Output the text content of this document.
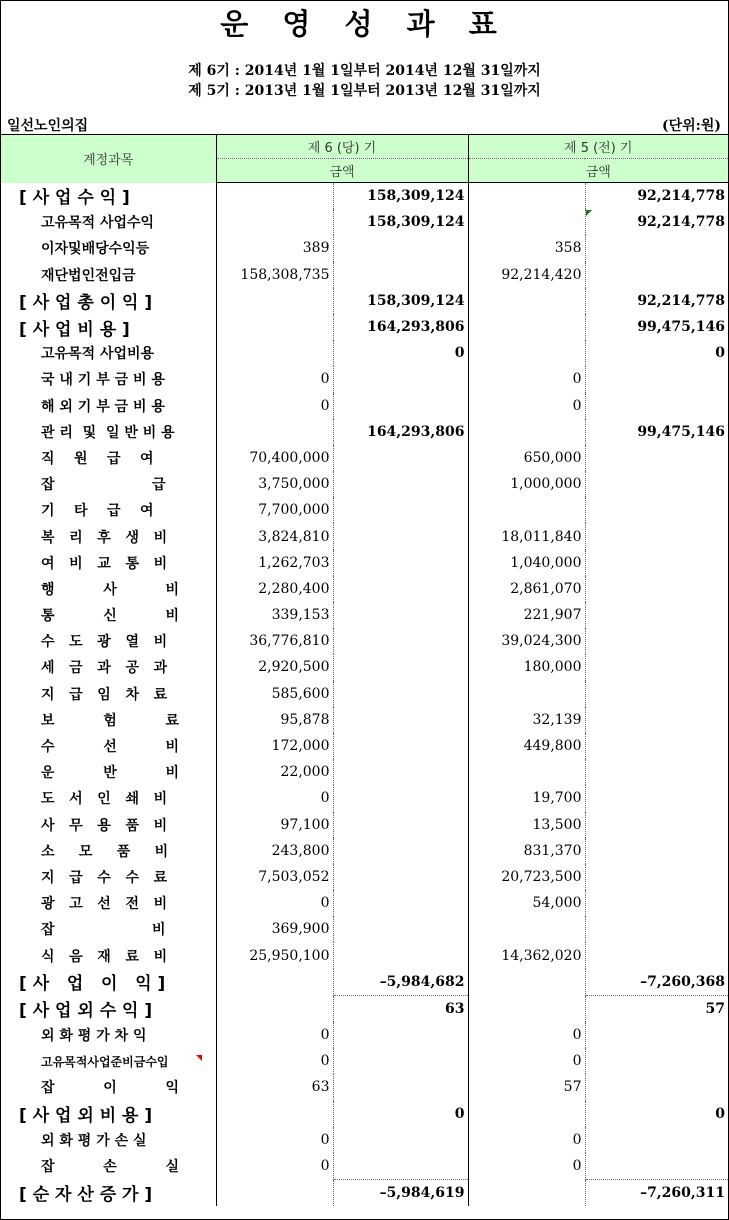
운 영 성 과 표
제 6기 : 2014년 1월 1일부터 2014년 12월 31일까지
제 5기 : 2013년 1월 1일부터 2013년 12월 31일까지
일선노인의집	(단위:원)
계정과목	제 6 (당) 기		제 5 (전) 기	
	금액		금액	
[ 사 업 수 익 ]		158,309,124		92,214,778
고유목적 사업수익		158,309,124		92,214,778
이자및배당수익등	389		358	
재단법인전입금	158,308,735		92,214,420	
[ 사 업 총 이 익 ]		158,309,124		92,214,778
[ 사 업 비 용 ]		164,293,806		99,475,146
고유목적 사업비용		0		0
국 내 기 부 금 비 용	0		0	
해 외 기 부 금 비 용	0		0	
관 리  및  일 반 비 용		164,293,806		99,475,146
직    원    급    여	70,400,000		650,000	
잡                    급	3,750,000		1,000,000	
기    타    급    여	7,700,000			
복   리   후   생   비	3,824,810		18,011,840	
여   비   교   통   비	1,262,703		1,040,000	
행          사          비	2,280,400		2,861,070	
통          신          비	339,153		221,907	
수   도   광   열   비	36,776,810		39,024,300	
세   금   과   공   과	2,920,500		180,000	
지   급   임   차   료	585,600			
보          험          료	95,878		32,139	
수          선          비	172,000		449,800	
운          반          비	22,000			
도   서   인   쇄   비	0		19,700	
사   무   용   품   비	97,100		13,500	
소     모     품     비	243,800		831,370	
지   급   수   수   료	7,503,052		20,723,500	
광   고   선   전   비	0		54,000	
잡                    비	369,900			
식   음   재   료   비	25,950,100		14,362,020	
[ 사   업   이   익 ]		–5,984,682		–7,260,368
[ 사 업 외 수 익 ]		63		57
외 화 평 가 차 익	0		0	
고유목적사업준비금수입	0		0	
잡          이          익	63		57	
[ 사 업 외 비 용 ]		0		0
외 화 평 가 손 실	0		0	
잡          손          실	0		0	
[ 순 자 산 증 가 ]		–5,984,619		–7,260,311
